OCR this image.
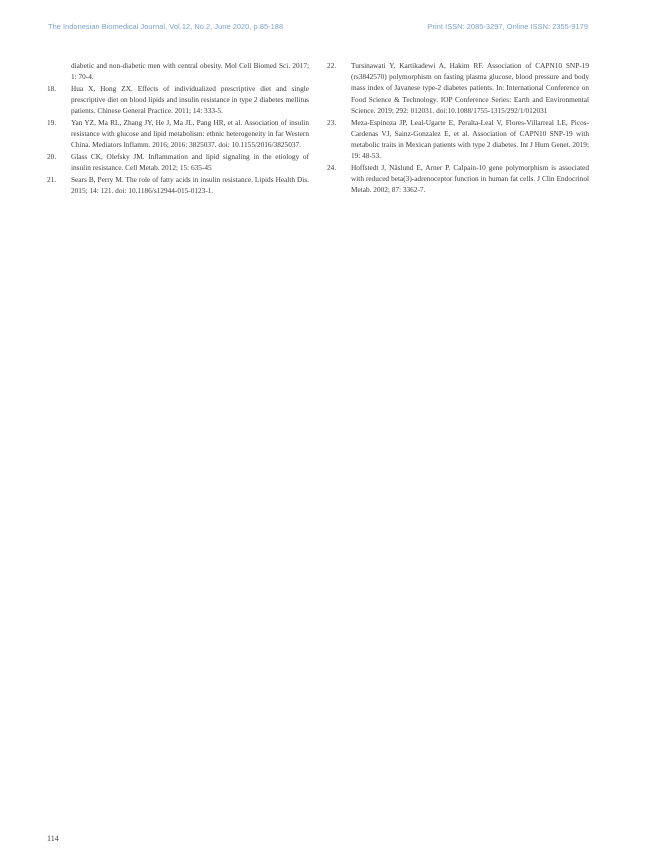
The Indonesian Biomedical Journal, Vol.12, No.2, June 2020, p.85-188	Print ISSN: 2085-3297, Online ISSN: 2355-9179
diabetic and non-diabetic men with central obesity. Mol Cell Biomed Sci. 2017; 1: 70-4.
18.	Hua X, Hong ZX. Effects of individualized prescriptive diet and single prescriptive diet on blood lipids and insulin resistance in type 2 diabetes mellitus patients. Chinese General Practice. 2011; 14: 333-5.
19.	Yan YZ, Ma RL, Zhang JY, He J, Ma JL, Pang HR, et al. Association of insulin resistance with glucose and lipid metabolism: ethnic heterogeneity in far Western China. Mediators Inflamm. 2016; 2016: 3825037. doi: 10.1155/2016/3825037.
20.	Glass CK, Olefsky JM. Inflammation and lipid signaling in the etiology of insulin resistance. Cell Metab. 2012; 15: 635-45
21.	Sears B, Perry M. The role of fatty acids in insulin resistance. Lipids Health Dis. 2015; 14: 121. doi: 10.1186/s12944-015-0123-1.
22.	Tursinawati Y, Kartikadewi A, Hakim RF. Association of CAPN10 SNP-19 (rs3842570) polymorphism on fasting plasma glucose, blood pressure and body mass index of Javanese type-2 diabetes patients. In: International Conference on Food Science & Technology. IOP Conference Series: Earth and Environmental Science. 2019; 292: 012031. doi:10.1088/1755-1315/292/1/012031
23.	Meza-Espinoza JP, Leal-Ugarte E, Peralta-Leal V, Flores-Villarreal LE, Picos-Cardenas VJ, Sainz-Gonzalez E, et al. Association of CAPN10 SNP-19 with metabolic traits in Mexican patients with type 2 diabetes. Int J Hum Genet. 2019; 19: 48-53.
24.	Hoffstedt J, Näslund E, Arner P. Calpain-10 gene polymorphism is associated with reduced beta(3)-adrenoceptor function in human fat cells. J Clin Endocrinol Metab. 2002; 87: 3362-7.
114
